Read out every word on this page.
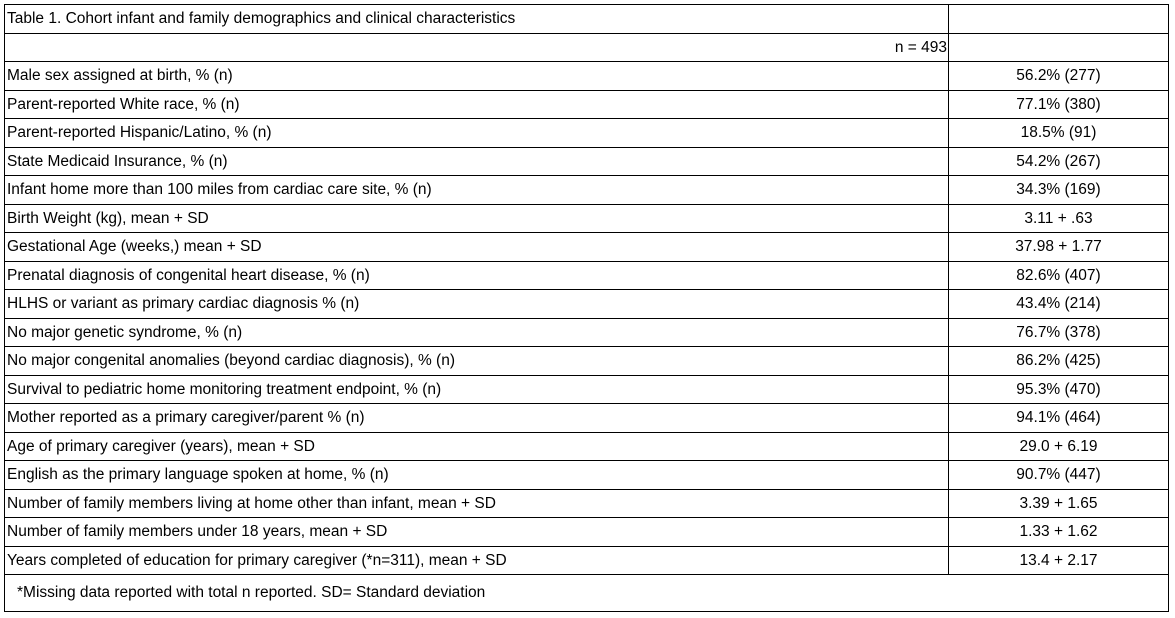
Table 1. Cohort infant and family demographics and clinical characteristics	
n = 493	
Male sex assigned at birth, % (n)	56.2% (277)
Parent-reported White race, % (n)	77.1% (380)
Parent-reported Hispanic/Latino, % (n)	18.5% (91)
State Medicaid Insurance, % (n)	54.2% (267)
Infant home more than 100 miles from cardiac care site, % (n)	34.3% (169)
Birth Weight (kg), mean + SD	3.11 + .63
Gestational Age (weeks,) mean + SD	37.98 + 1.77
Prenatal diagnosis of congenital heart disease, % (n)	82.6% (407)
HLHS or variant as primary cardiac diagnosis % (n)	43.4% (214)
No major genetic syndrome, % (n)	76.7% (378)
No major congenital anomalies (beyond cardiac diagnosis), % (n)	86.2% (425)
Survival to pediatric home monitoring treatment endpoint, % (n)	95.3% (470)
Mother reported as a primary caregiver/parent % (n)	94.1% (464)
Age of primary caregiver (years), mean + SD	29.0 + 6.19
English as the primary language spoken at home, % (n)	90.7% (447)
Number of family members living at home other than infant, mean + SD	3.39 + 1.65
Number of family members under 18 years, mean + SD	1.33 + 1.62
Years completed of education for primary caregiver (*n=311), mean + SD	13.4 + 2.17
*Missing data reported with total n reported. SD= Standard deviation	
